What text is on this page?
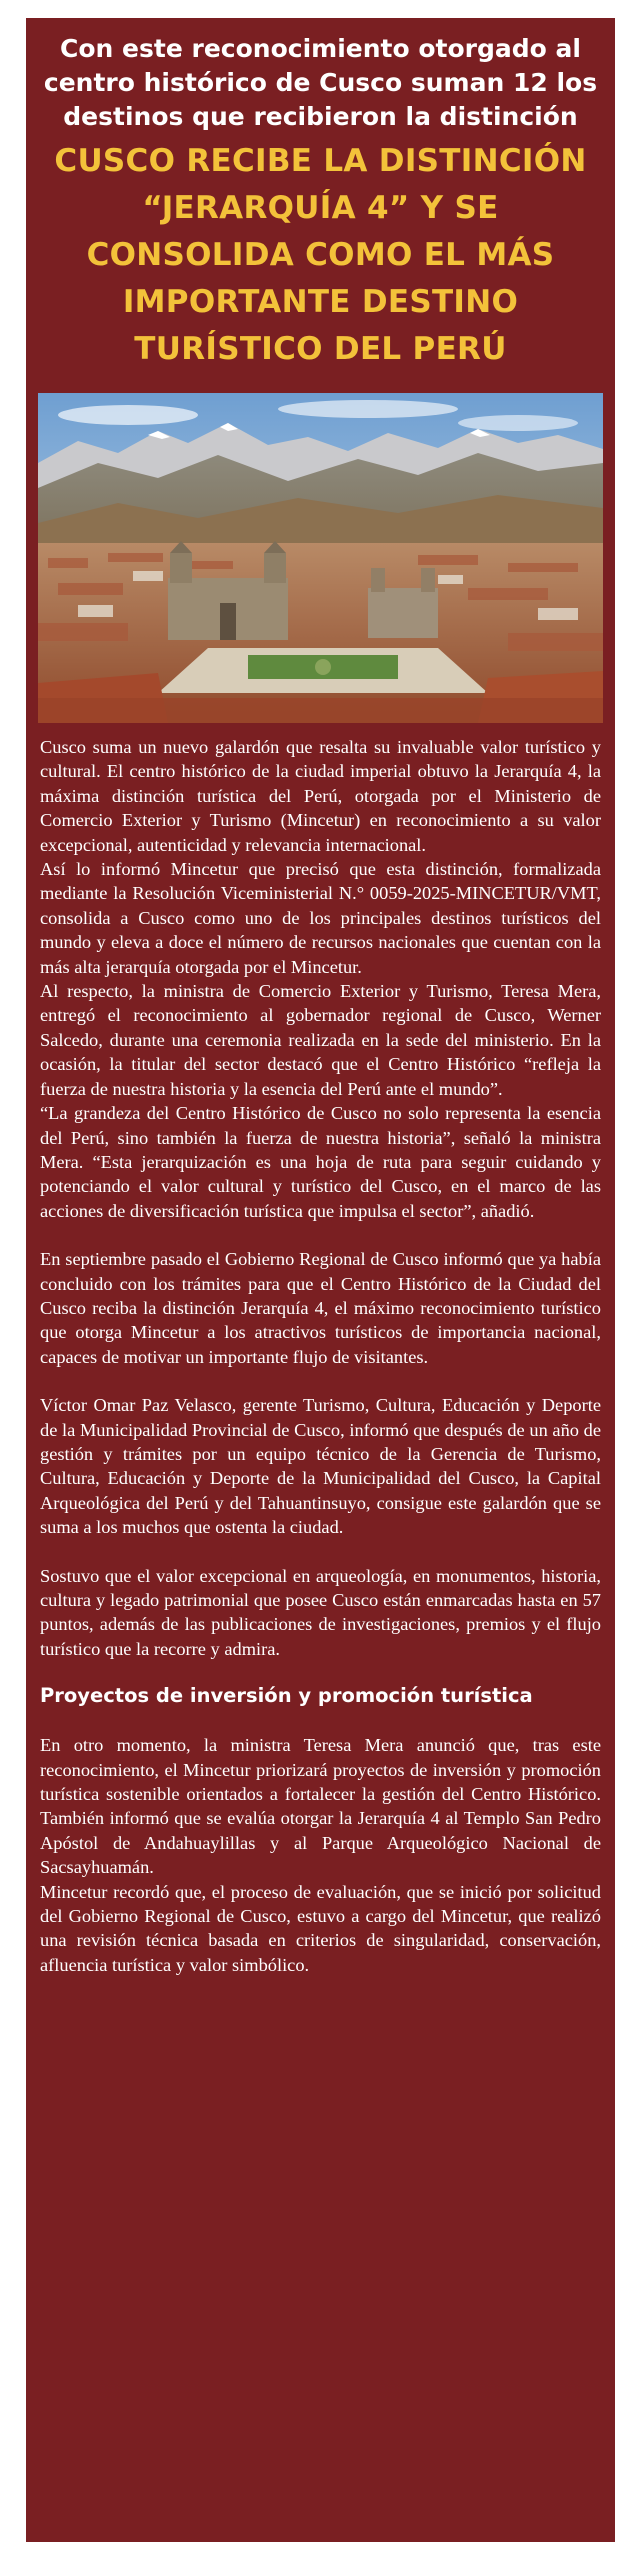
Con este reconocimiento otorgado al centro histórico de Cusco suman 12 los destinos que recibieron la distinción
CUSCO RECIBE LA DISTINCIÓN “JERARQUÍA 4” Y SE CONSOLIDA COMO EL MÁS IMPORTANTE DESTINO TURÍSTICO DEL PERÚ

Cusco suma un nuevo galardón que resalta su invaluable valor turístico y cultural. El centro histórico de la ciudad imperial obtuvo la Jerarquía 4, la máxima distinción turística del Perú, otorgada por el Ministerio de Comercio Exterior y Turismo (Mincetur) en reconocimiento a su valor excepcional, autenticidad y relevancia internacional.

Así lo informó Mincetur que precisó que esta distinción, formalizada mediante la Resolución Viceministerial N.° 0059-2025-MINCETUR/VMT, consolida a Cusco como uno de los principales destinos turísticos del mundo y eleva a doce el número de recursos nacionales que cuentan con la más alta jerarquía otorgada por el Mincetur.

Al respecto, la ministra de Comercio Exterior y Turismo, Teresa Mera, entregó el reconocimiento al gobernador regional de Cusco, Werner Salcedo, durante una ceremonia realizada en la sede del ministerio. En la ocasión, la titular del sector destacó que el Centro Histórico “refleja la fuerza de nuestra historia y la esencia del Perú ante el mundo”.

“La grandeza del Centro Histórico de Cusco no solo representa la esencia del Perú, sino también la fuerza de nuestra historia”, señaló la ministra Mera. “Esta jerarquización es una hoja de ruta para seguir cuidando y potenciando el valor cultural y turístico del Cusco, en el marco de las acciones de diversificación turística que impulsa el sector”, añadió.

En septiembre pasado el Gobierno Regional de Cusco informó que ya había concluido con los trámites para que el Centro Histórico de la Ciudad del Cusco reciba la distinción Jerarquía 4, el máximo reconocimiento turístico que otorga Mincetur a los atractivos turísticos de importancia nacional, capaces de motivar un importante flujo de visitantes.

Víctor Omar Paz Velasco, gerente Turismo, Cultura, Educación y Deporte de la Municipalidad Provincial de Cusco, informó que después de un año de gestión y trámites por un equipo técnico de la Gerencia de Turismo, Cultura, Educación y Deporte de la Municipalidad del Cusco, la Capital Arqueológica del Perú y del Tahuantinsuyo, consigue este galardón que se suma a los muchos que ostenta la ciudad.

Sostuvo que el valor excepcional en arqueología, en monumentos, historia, cultura y legado patrimonial que posee Cusco están enmarcadas hasta en 57 puntos, además de las publicaciones de investigaciones, premios y el flujo turístico que la recorre y admira.

Proyectos de inversión y promoción turística

En otro momento, la ministra Teresa Mera anunció que, tras este reconocimiento, el Mincetur priorizará proyectos de inversión y promoción turística sostenible orientados a fortalecer la gestión del Centro Histórico. También informó que se evalúa otorgar la Jerarquía 4 al Templo San Pedro Apóstol de Andahuaylillas y al Parque Arqueológico Nacional de Sacsayhuamán.

Mincetur recordó que, el proceso de evaluación, que se inició por solicitud del Gobierno Regional de Cusco, estuvo a cargo del Mincetur, que realizó una revisión técnica basada en criterios de singularidad, conservación, afluencia turística y valor simbólico.
